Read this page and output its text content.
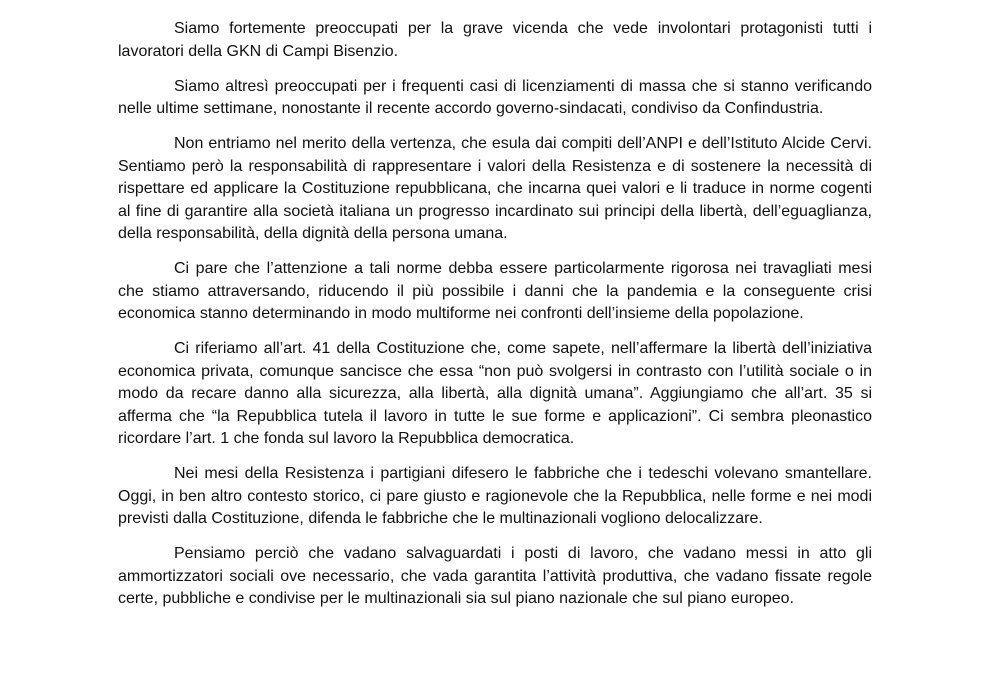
Siamo fortemente preoccupati per la grave vicenda che vede involontari protagonisti tutti i lavoratori della GKN di Campi Bisenzio.

Siamo altresì preoccupati per i frequenti casi di licenziamenti di massa che si stanno verificando nelle ultime settimane, nonostante il recente accordo governo-sindacati, condiviso da Confindustria.

Non entriamo nel merito della vertenza, che esula dai compiti dell’ANPI e dell’Istituto Alcide Cervi. Sentiamo però la responsabilità di rappresentare i valori della Resistenza e di sostenere la necessità di rispettare ed applicare la Costituzione repubblicana, che incarna quei valori e li traduce in norme cogenti al fine di garantire alla società italiana un progresso incardinato sui principi della libertà, dell’eguaglianza, della responsabilità, della dignità della persona umana.

Ci pare che l’attenzione a tali norme debba essere particolarmente rigorosa nei travagliati mesi che stiamo attraversando, riducendo il più possibile i danni che la pandemia e la conseguente crisi economica stanno determinando in modo multiforme nei confronti dell’insieme della popolazione.

Ci riferiamo all’art. 41 della Costituzione che, come sapete, nell’affermare la libertà dell’iniziativa economica privata, comunque sancisce che essa “non può svolgersi in contrasto con l’utilità sociale o in modo da recare danno alla sicurezza, alla libertà, alla dignità umana”. Aggiungiamo che all’art. 35 si afferma che “la Repubblica tutela il lavoro in tutte le sue forme e applicazioni”. Ci sembra pleonastico ricordare l’art. 1 che fonda sul lavoro la Repubblica democratica.

Nei mesi della Resistenza i partigiani difesero le fabbriche che i tedeschi volevano smantellare. Oggi, in ben altro contesto storico, ci pare giusto e ragionevole che la Repubblica, nelle forme e nei modi previsti dalla Costituzione, difenda le fabbriche che le multinazionali vogliono delocalizzare.

Pensiamo perciò che vadano salvaguardati i posti di lavoro, che vadano messi in atto gli ammortizzatori sociali ove necessario, che vada garantita l’attività produttiva, che vadano fissate regole certe, pubbliche e condivise per le multinazionali sia sul piano nazionale che sul piano europeo.
